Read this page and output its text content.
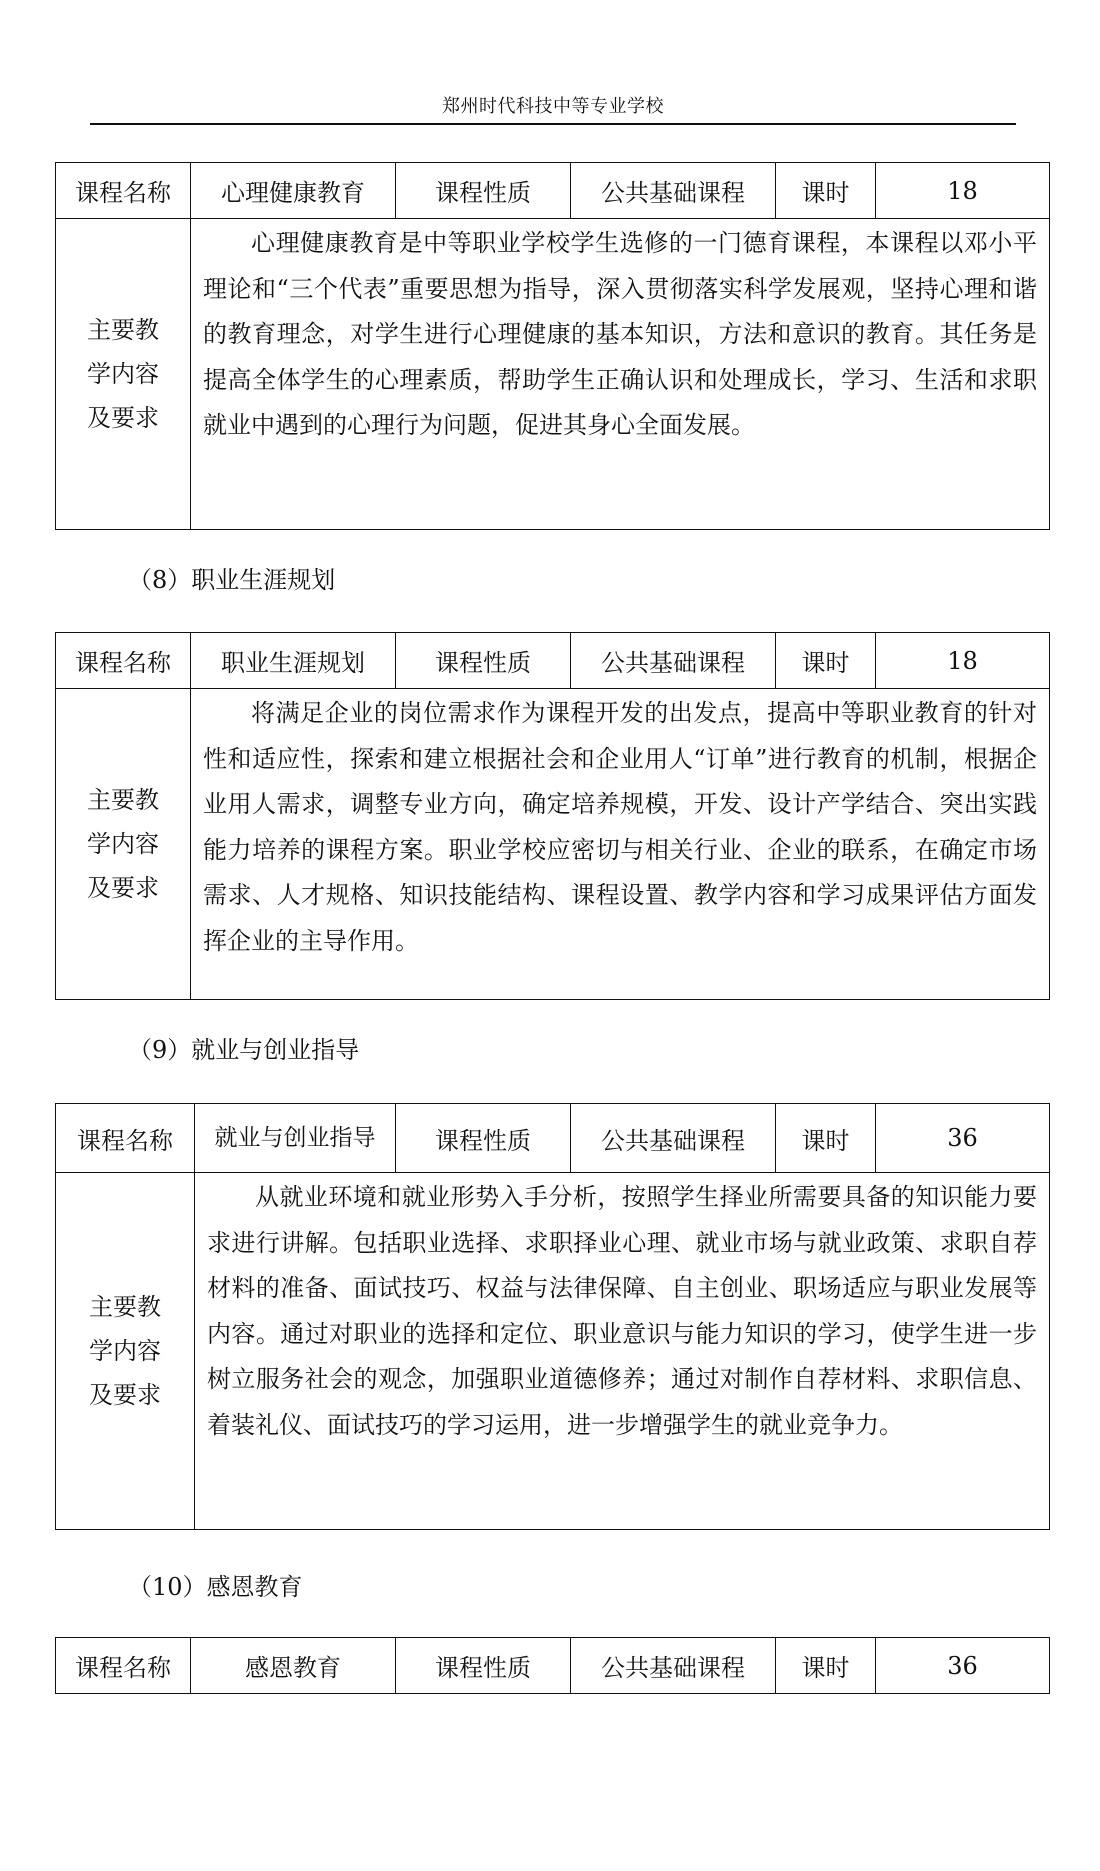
郑州时代科技中等专业学校
课程名称	心理健康教育	课程性质	公共基础课程	课时	18

主要教
学内容
及要求	心理健康教育是中等职业学校学生选修的一门德育课程，本课程以邓小平理论和“三个代表”重要思想为指导，深入贯彻落实科学发展观，坚持心理和谐的教育理念，对学生进行心理健康的基本知识，方法和意识的教育。其任务是提高全体学生的心理素质，帮助学生正确认识和处理成长，学习、生活和求职就业中遇到的心理行为问题，促进其身心全面发展。				

（8）职业生涯规划
课程名称	职业生涯规划	课程性质	公共基础课程	课时	18

主要教
学内容
及要求	将满足企业的岗位需求作为课程开发的出发点，提高中等职业教育的针对性和适应性，探索和建立根据社会和企业用人“订单”进行教育的机制，根据企业用人需求，调整专业方向，确定培养规模，开发、设计产学结合、突出实践能力培养的课程方案。职业学校应密切与相关行业、企业的联系，在确定市场需求、人才规格、知识技能结构、课程设置、教学内容和学习成果评估方面发挥企业的主导作用。				

（9）就业与创业指导
课程名称	就业与创业指导	课程性质	公共基础课程	课时	36

主要教
学内容
及要求	从就业环境和就业形势入手分析，按照学生择业所需要具备的知识能力要求进行讲解。包括职业选择、求职择业心理、就业市场与就业政策、求职自荐材料的准备、面试技巧、权益与法律保障、自主创业、职场适应与职业发展等内容。通过对职业的选择和定位、职业意识与能力知识的学习，使学生进一步树立服务社会的观念，加强职业道德修养；通过对制作自荐材料、求职信息、着装礼仪、面试技巧的学习运用，进一步增强学生的就业竞争力。				

（10）感恩教育
课程名称	感恩教育	课程性质	公共基础课程	课时	36
